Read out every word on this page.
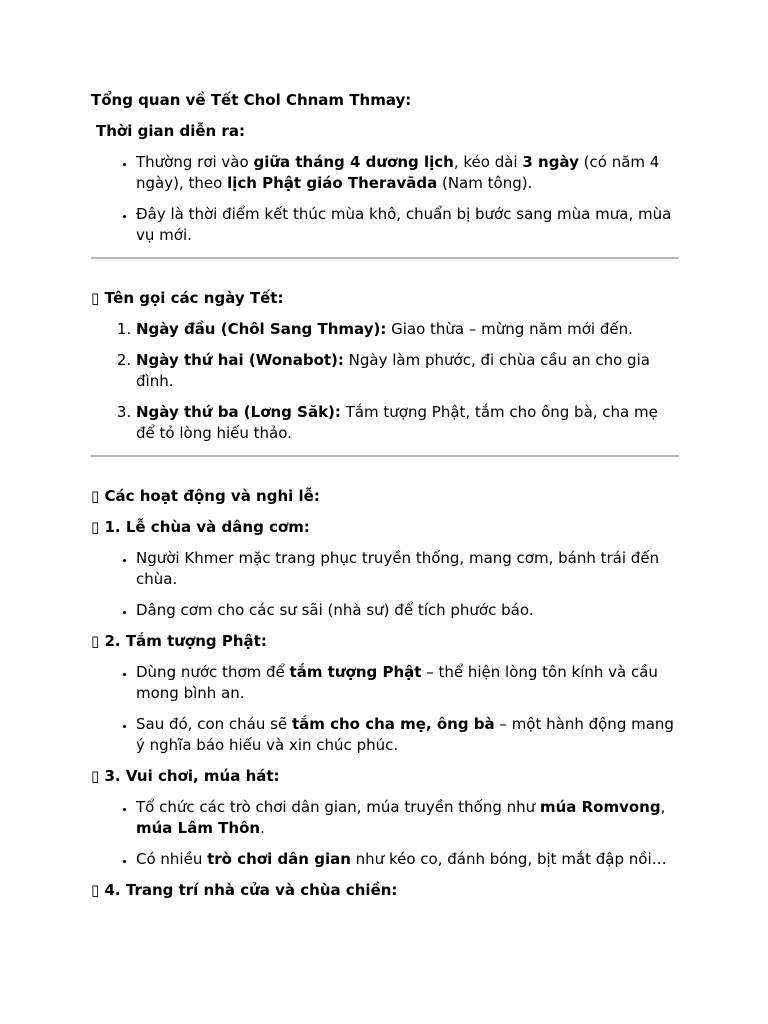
Tổng quan về Tết Chol Chnam Thmay:

Thời gian diễn ra:

• Thường rơi vào giữa tháng 4 dương lịch, kéo dài 3 ngày (có năm 4 ngày), theo lịch Phật giáo Theravāda (Nam tông).
• Đây là thời điểm kết thúc mùa khô, chuẩn bị bước sang mùa mưa, mùa vụ mới.

▯ Tên gọi các ngày Tết:

1. Ngày đầu (Chôl Sang Thmay): Giao thừa – mừng năm mới đến.
2. Ngày thứ hai (Wonabot): Ngày làm phước, đi chùa cầu an cho gia đình.
3. Ngày thứ ba (Lơng Săk): Tắm tượng Phật, tắm cho ông bà, cha mẹ để tỏ lòng hiếu thảo.

▯ Các hoạt động và nghi lễ:

▯ 1. Lễ chùa và dâng cơm:

• Người Khmer mặc trang phục truyền thống, mang cơm, bánh trái đến chùa.
• Dâng cơm cho các sư sãi (nhà sư) để tích phước báo.

▯ 2. Tắm tượng Phật:

• Dùng nước thơm để tắm tượng Phật – thể hiện lòng tôn kính và cầu mong bình an.
• Sau đó, con cháu sẽ tắm cho cha mẹ, ông bà – một hành động mang ý nghĩa báo hiếu và xin chúc phúc.

▯ 3. Vui chơi, múa hát:

• Tổ chức các trò chơi dân gian, múa truyền thống như múa Romvong, múa Lâm Thôn.
• Có nhiều trò chơi dân gian như kéo co, đánh bóng, bịt mắt đập nồi…

▯ 4. Trang trí nhà cửa và chùa chiền:
